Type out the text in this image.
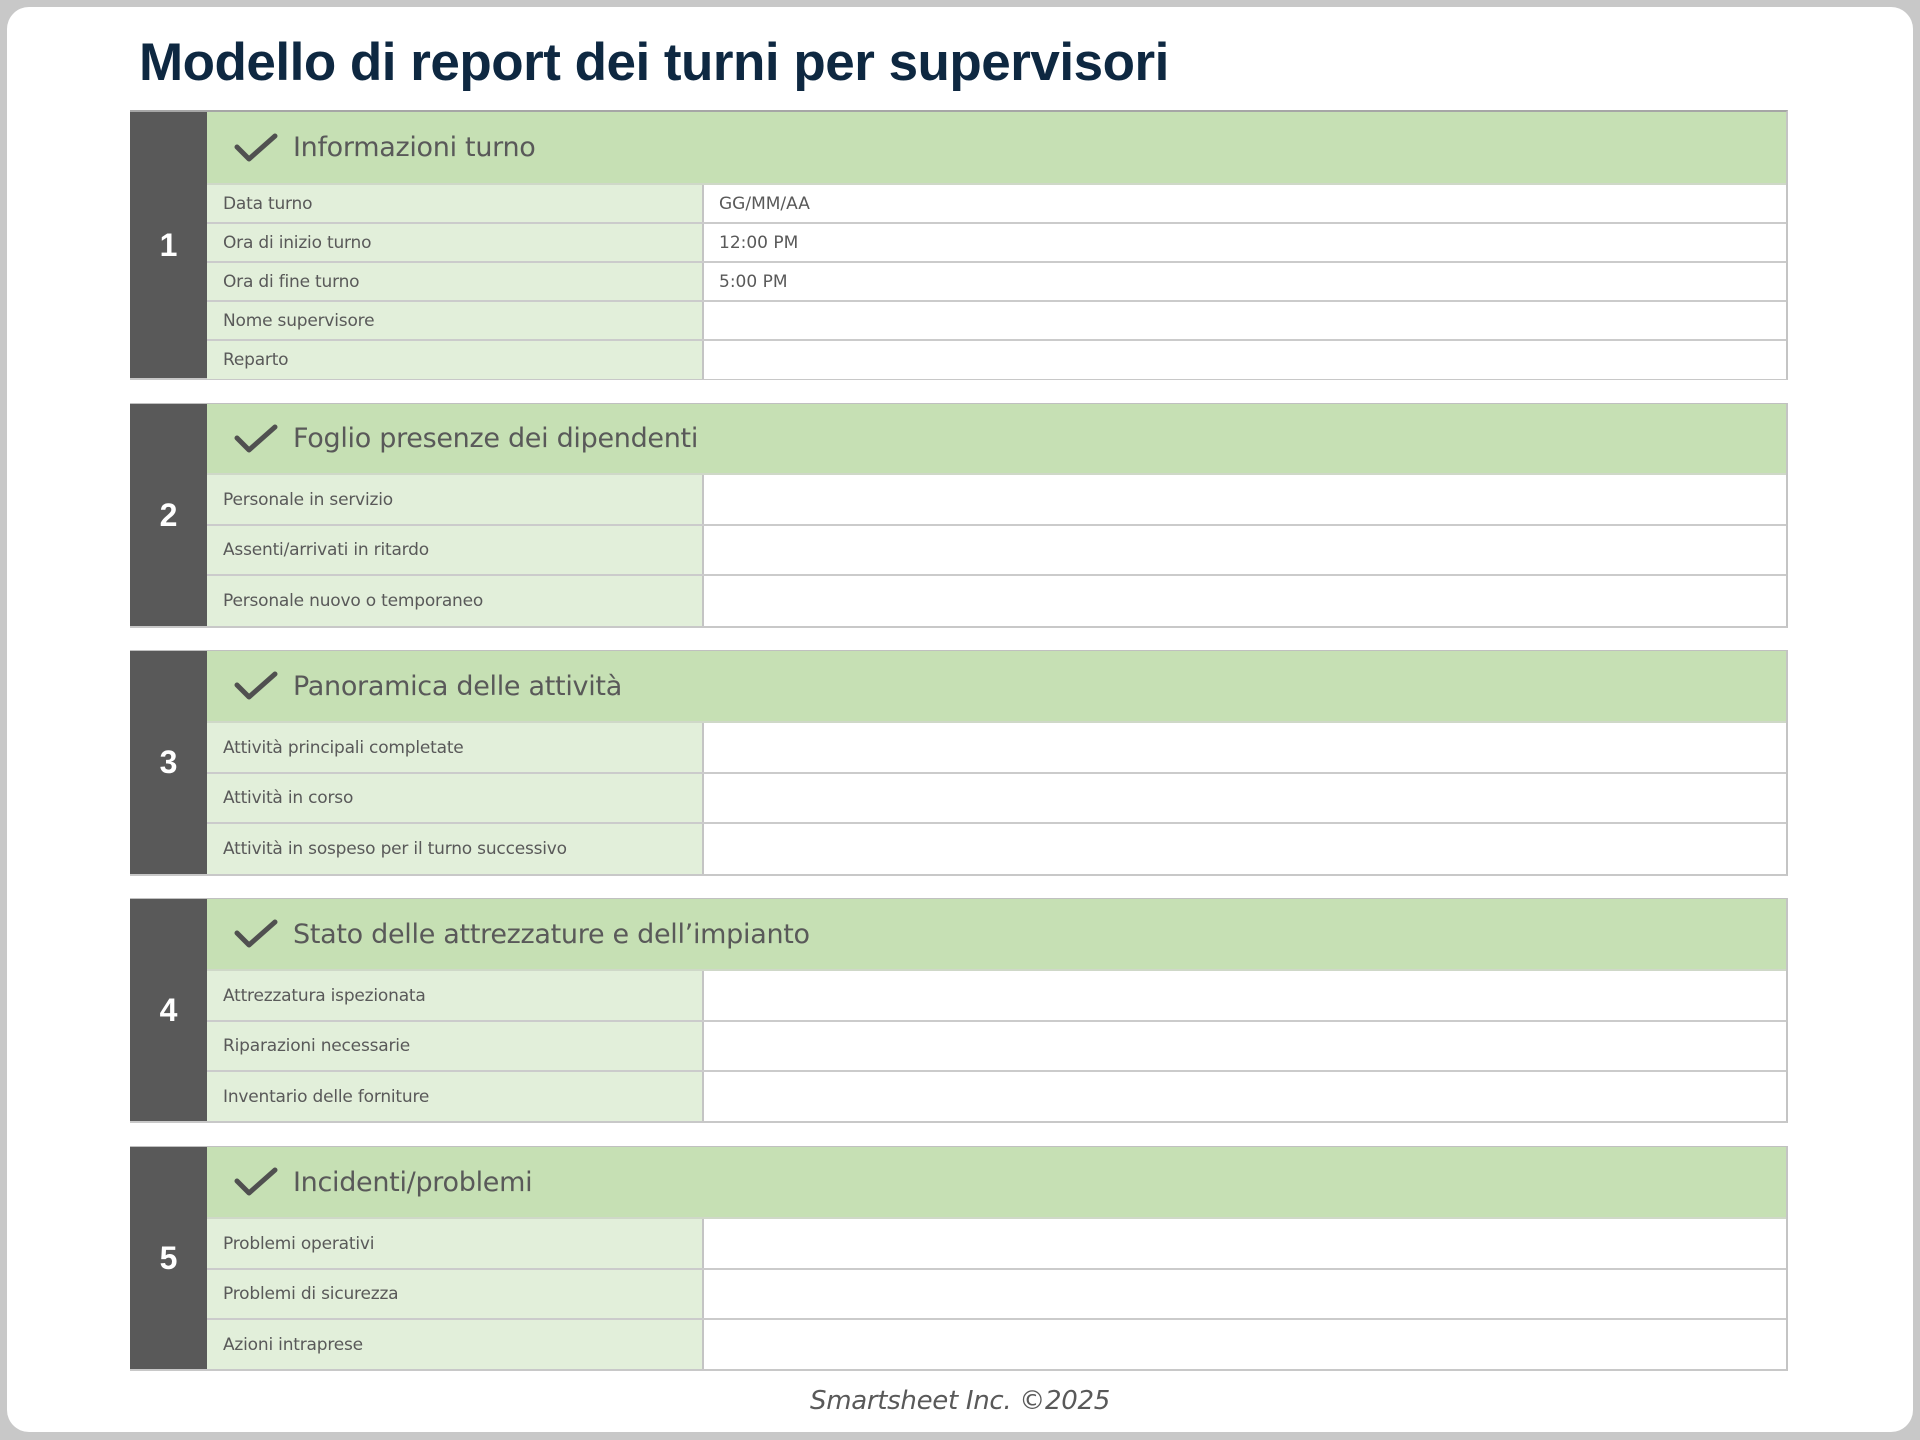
Modello di report dei turni per supervisori
1
Informazioni turno
Data turno	GG/MM/AA
Ora di inizio turno	12:00 PM
Ora di fine turno	5:00 PM
Nome supervisore
Reparto
2
Foglio presenze dei dipendenti
Personale in servizio
Assenti/arrivati in ritardo
Personale nuovo o temporaneo
3
Panoramica delle attività
Attività principali completate
Attività in corso
Attività in sospeso per il turno successivo
4
Stato delle attrezzature e dell’impianto
Attrezzatura ispezionata
Riparazioni necessarie
Inventario delle forniture
5
Incidenti/problemi
Problemi operativi
Problemi di sicurezza
Azioni intraprese
Smartsheet Inc. ©2025
